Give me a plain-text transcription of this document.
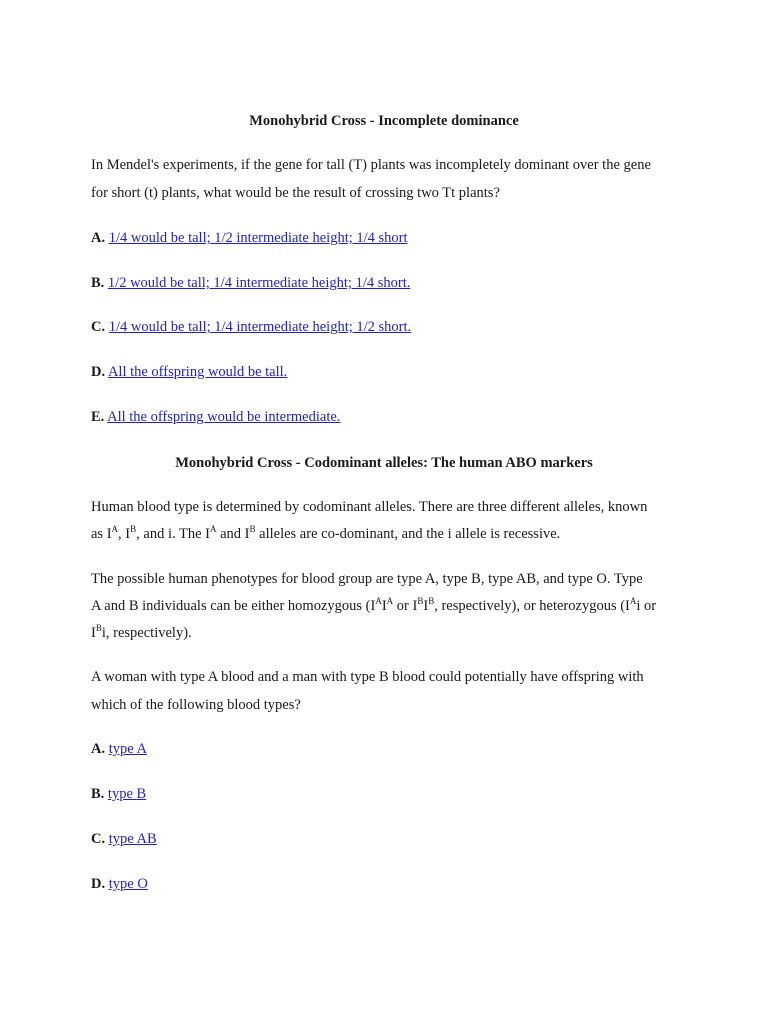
Monohybrid Cross - Incomplete dominance
In Mendel's experiments, if the gene for tall (T) plants was incompletely dominant over the gene
for short (t) plants, what would be the result of crossing two Tt plants?
A. 1/4 would be tall; 1/2 intermediate height; 1/4 short
B. 1/2 would be tall; 1/4 intermediate height; 1/4 short.
C. 1/4 would be tall; 1/4 intermediate height; 1/2 short.
D. All the offspring would be tall.
E. All the offspring would be intermediate.
Monohybrid Cross - Codominant alleles: The human ABO markers
Human blood type is determined by codominant alleles. There are three different alleles, known
as $I^A$, $I^B$, and i. The $I^A$ and $I^B$ alleles are co-dominant, and the i allele is recessive.
The possible human phenotypes for blood group are type A, type B, type AB, and type O. Type
A and B individuals can be either homozygous ($I^AI^A$ or $I^BI^B$, respectively), or heterozygous ($I^Ai$ or
$I^Bi$, respectively).
A woman with type A blood and a man with type B blood could potentially have offspring with
which of the following blood types?
A. type A
B. type B
C. type AB
D. type O
